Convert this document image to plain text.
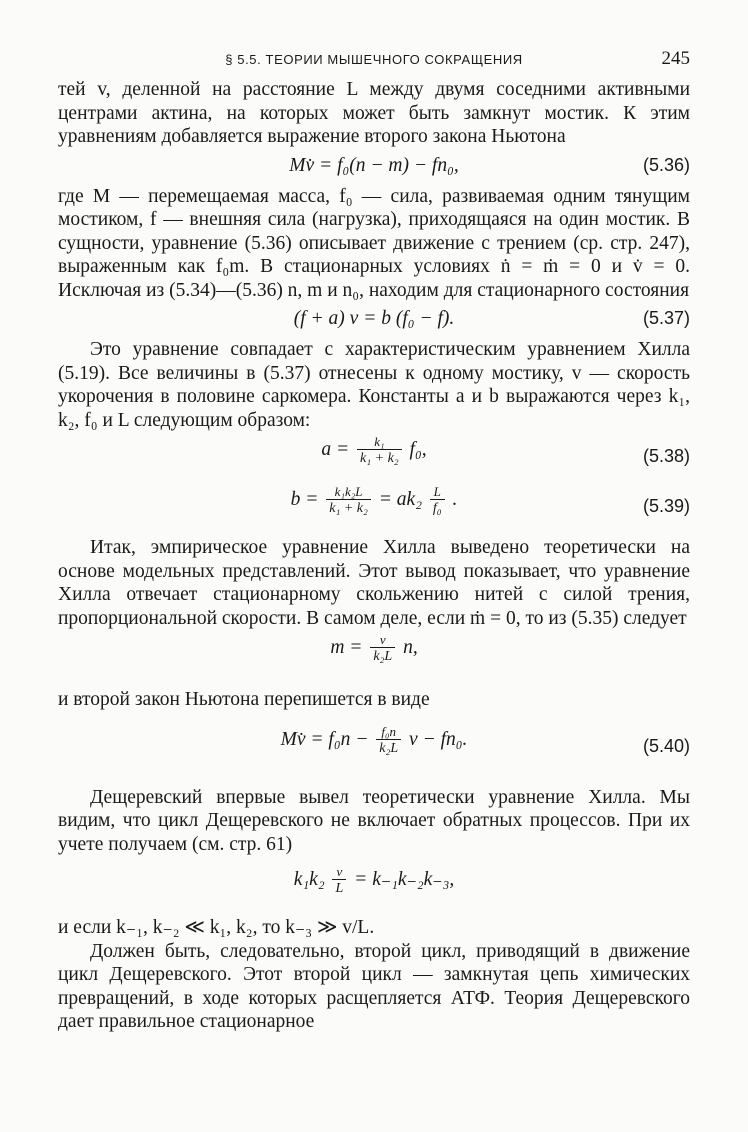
§ 5.5. ТЕОРИИ МЫШЕЧНОГО СОКРАЩЕНИЯ	245

тей v, деленной на расстояние L между двумя соседними активными центрами актина, на которых может быть замкнут мостик. К этим уравнениям добавляется выражение второго закона Ньютона

Mv̇ = f₀(n − m) − fn₀,	(5.36)

где M — перемещаемая масса, f₀ — сила, развиваемая одним тянущим мостиком, f — внешняя сила (нагрузка), приходящаяся на один мостик. В сущности, уравнение (5.36) описывает движение с трением (ср. стр. 247), выраженным как f₀m. В стационарных условиях ṅ = ṁ = 0 и v̇ = 0. Исключая из (5.34)—(5.36) n, m и n₀, находим для стационарного состояния

(f + a) v = b (f₀ − f).	(5.37)

Это уравнение совпадает с характеристическим уравнением Хилла (5.19). Все величины в (5.37) отнесены к одному мостику, v — скорость укорочения в половине саркомера. Константы a и b выражаются через k₁, k₂, f₀ и L следующим образом:

$a = \frac{\text{k₁}}{\text{k₁ + k₂}} f_0$,	(5.38)
$b = \frac{\text{k₁k₂L}}{\text{k₁ + k₂}} = ak_2 \frac{L}{\text{f₀}}$ .	(5.39)

Итак, эмпирическое уравнение Хилла выведено теоретически на основе модельных представлений. Этот вывод показывает, что уравнение Хилла отвечает стационарному скольжению нитей с силой трения, пропорциональной скорости. В самом деле, если ṁ = 0, то из (5.35) следует

$m = \frac{v}{\text{k₂L}} n$,

и второй закон Ньютона перепишется в виде

Mv̇ = $f_0n - \frac{\text{f₀n}}{\text{k₂L}}$ v − fn₀.	(5.40)

Дещеревский впервые вывел теоретически уравнение Хилла. Мы видим, что цикл Дещеревского не включает обратных процессов. При их учете получаем (см. стр. 61)

$k_1k_2 \frac{v}{L} = k_{-1}k_{-2}k_{-3}$,

и если k₋₁, k₋₂ ≪ k₁, k₂, то k₋₃ ≫ v/L.

Должен быть, следовательно, второй цикл, приводящий в движение цикл Дещеревского. Этот второй цикл — замкнутая цепь химических превращений, в ходе которых расщепляется АТФ. Теория Дещеревского дает правильное стационарное
